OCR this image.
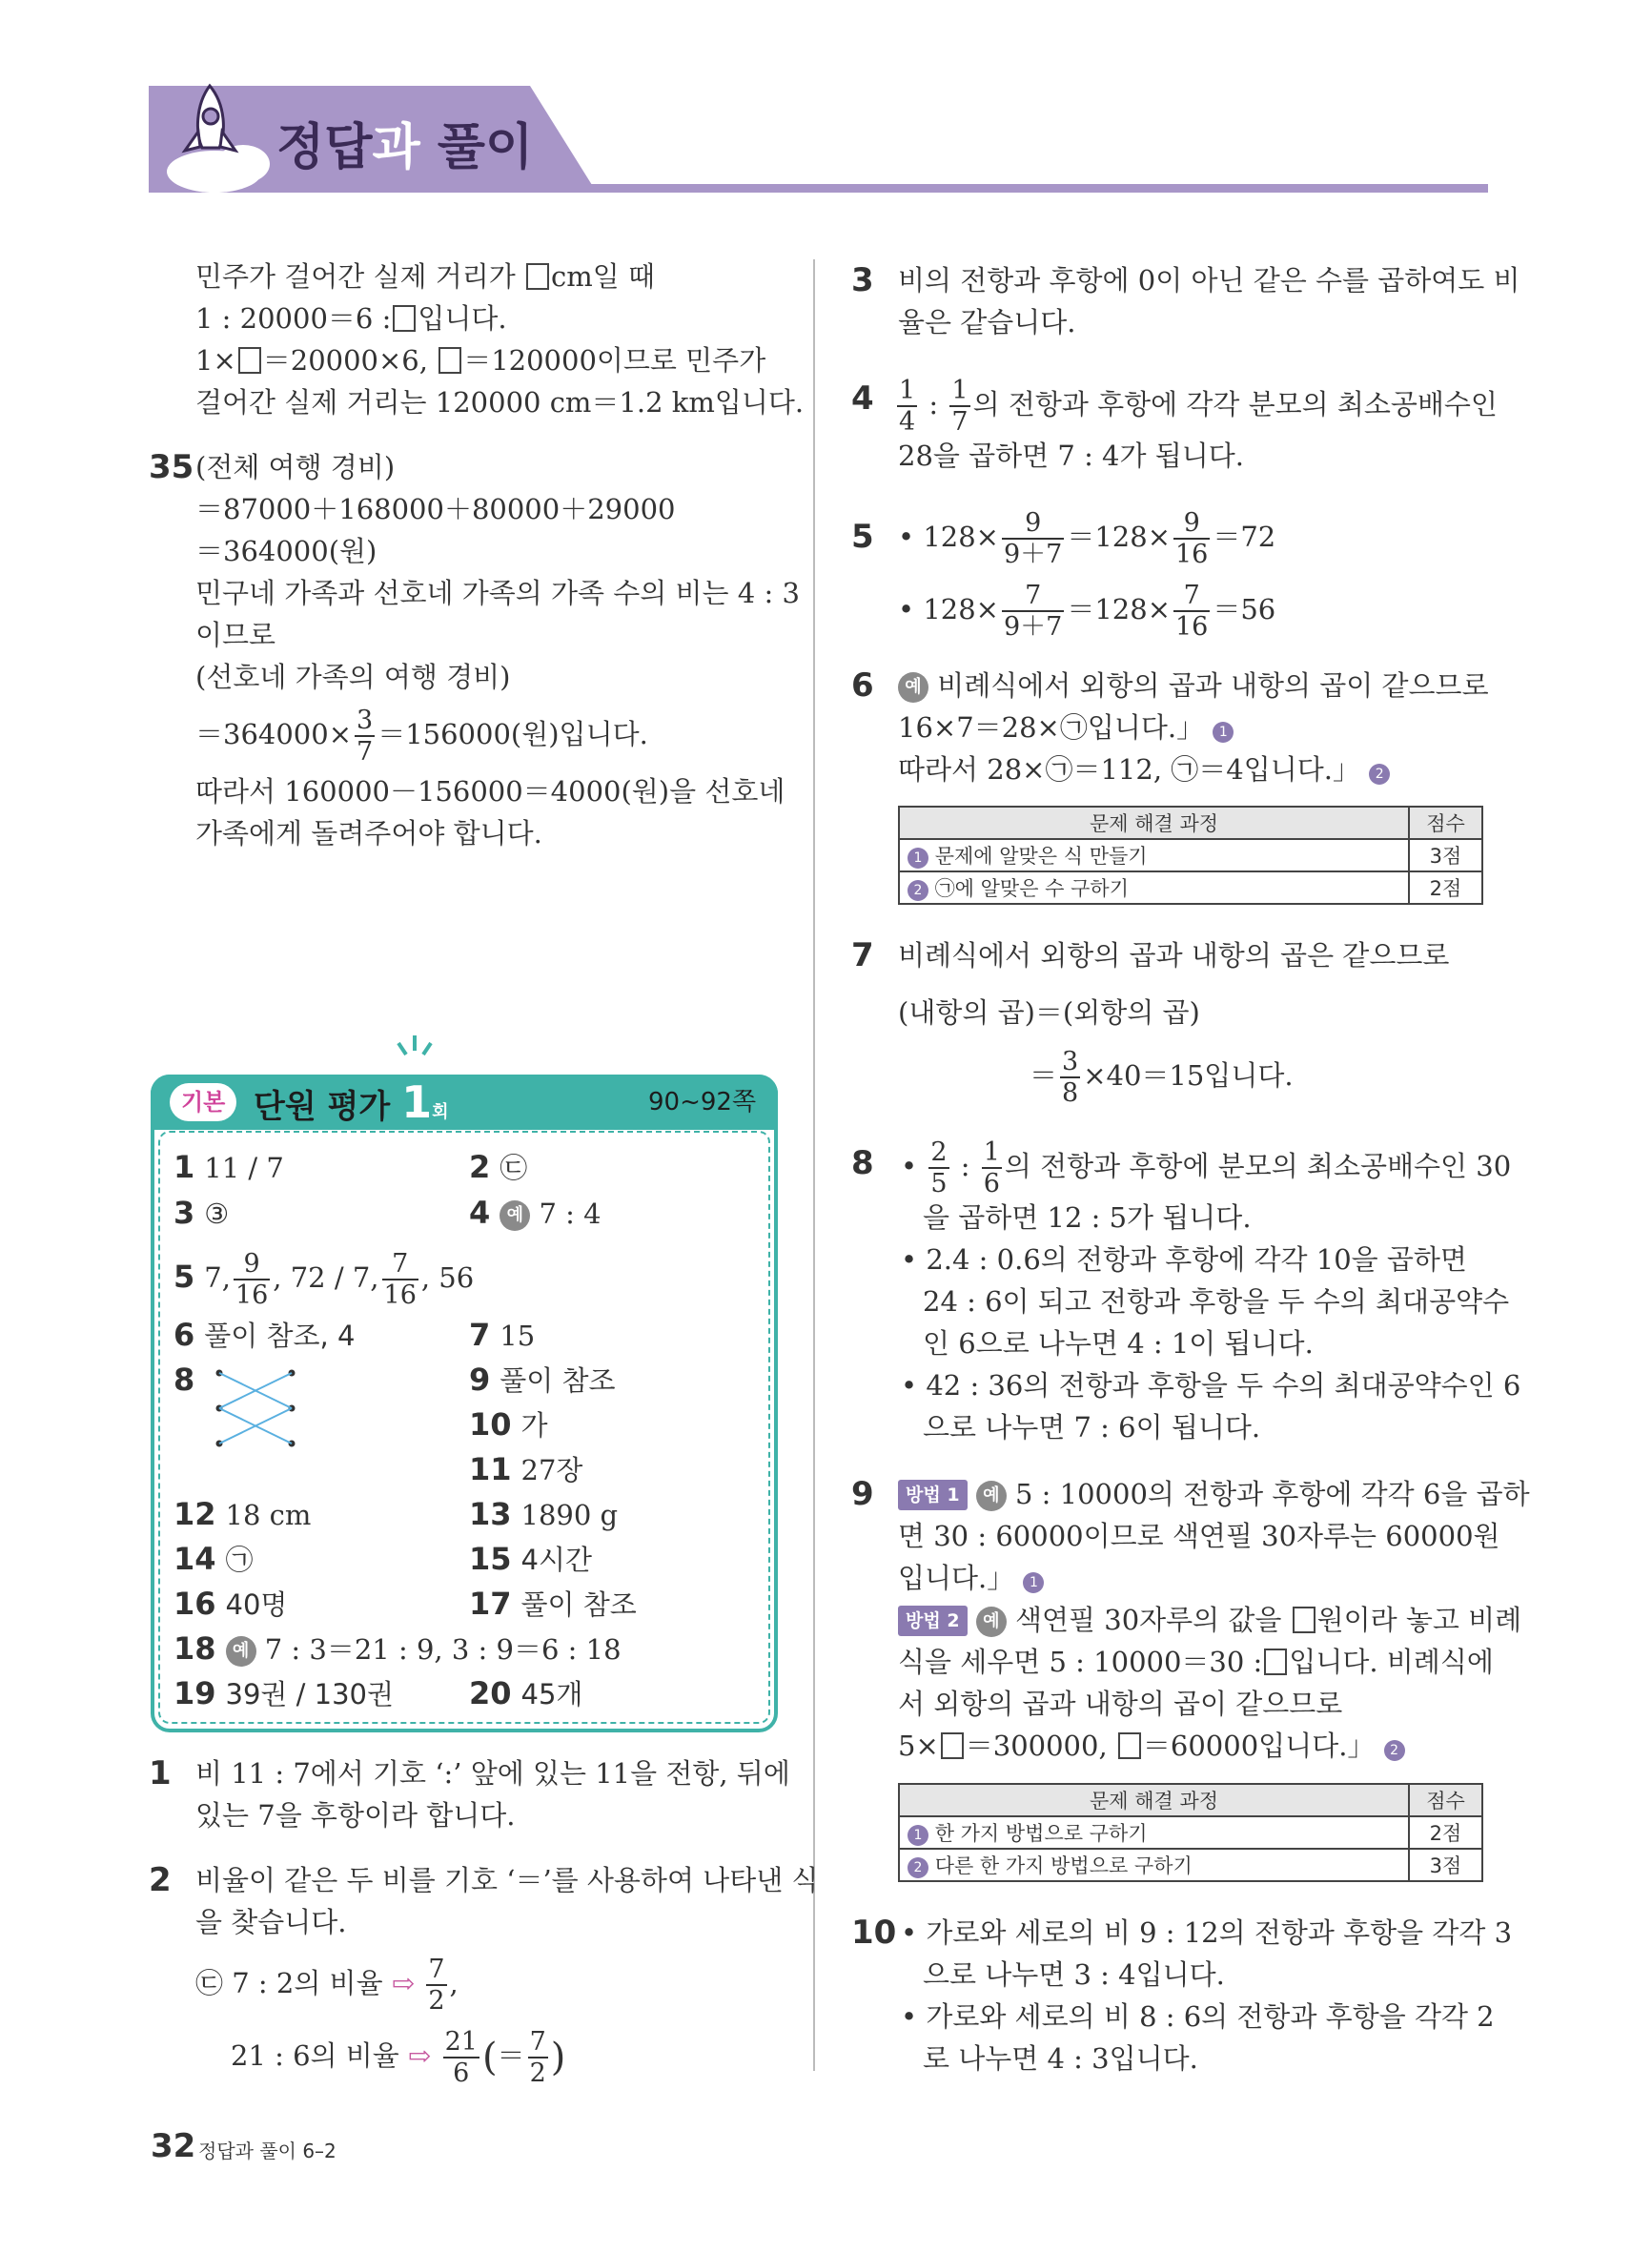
정답과 풀이
민주가 걸어간 실제 거리가 cm일 때
1 : 20000＝6 : 입니다.
1× ＝20000×6, ＝120000이므로 민주가
걸어간 실제 거리는 120000 cm＝1.2 km입니다.
35 (전체 여행 경비)
＝87000＋168000＋80000＋29000
＝364000(원)
민구네 가족과 선호네 가족의 가족 수의 비는 4 : 3
이므로
(선호네 가족의 여행 경비)
$=364000\times \frac{3}{7} =156000$(원)입니다.
따라서 160000－156000＝4000(원)을 선호네
가족에게 돌려주어야 합니다.
기본 단원 평가 1회	90~92쪽
1 11 / 7	2 ㉢
3 ③	4 예 7 : 4
5 7, $\frac{9}{16}$ , 72 / 7, $\frac{7}{16}$ , 56
6 풀이 참조, 4	7 15
8	9 풀이 참조
10 가
11 27장
12 18 cm	13 1890 g
14 ㉠	15 4시간
16 40명	17 풀이 참조
18 예 7 : 3＝21 : 9, 3 : 9＝6 : 18
19 39권 / 130권 20 45개
1 비 11 : 7에서 기호 ‘:’ 앞에 있는 11을 전항, 뒤에
있는 7을 후항이라 합니다.
2 비율이 같은 두 비를 기호 ‘＝’를 사용하여 나타낸 식
을 찾습니다.
㉢ 7 : 2의 비율 ⇨ $\frac{7}{2}$ ,
21 : 6의 비율 ⇨ $\frac{21}{6}$ (＝ $\frac{7}{2}$ )
3 비의 전항과 후항에 0이 아닌 같은 수를 곱하여도 비
율은 같습니다.
$4 \frac{1}{4}$ : $\frac{1}{7}$ 의 전항과 후항에 각각 분모의 최소공배수인
28을 곱하면 7 : 4가 됩니다.
5 • $128\times \frac{9}{9+7} =128\times \frac{9}{16} =72$
• $128\times \frac{7}{9+7} =128\times \frac{7}{16} =56$
6	예 비례식에서 외항의 곱과 내항의 곱이 같으므로
16×7＝28×㉠입니다.」 1
따라서 28×㉠＝112, ㉠＝4입니다.」 2
문제 해결 과정	점수
1 문제에 알맞은 식 만들기	3점
2 ㉠에 알맞은 수 구하기	2점
7 비례식에서 외항의 곱과 내항의 곱은 같으므로
(내항의 곱)＝(외항의 곱)
＝ $\frac{3}{8} \times 40=15$입니다.
8 • $\frac{2}{5}$ : $\frac{1}{6}$ 의 전항과 후항에 분모의 최소공배수인 30
을 곱하면 12 : 5가 됩니다.
• 2.4 : 0.6의 전항과 후항에 각각 10을 곱하면
24 : 6이 되고 전항과 후항을 두 수의 최대공약수
인 6으로 나누면 4 : 1이 됩니다.
• 42 : 36의 전항과 후항을 두 수의 최대공약수인 6
으로 나누면 7 : 6이 됩니다.
9	방법 1 예 5 : 10000의 전항과 후항에 각각 6을 곱하
면 30 : 60000이므로 색연필 30자루는 60000원
입니다.」 1
방법 2 예 색연필 30자루의 값을 원이라 놓고 비례
식을 세우면 5 : 10000＝30 : 입니다. 비례식에
서 외항의 곱과 내항의 곱이 같으므로
5× ＝300000, ＝60000입니다.」 2
문제 해결 과정	점수
1 한 가지 방법으로 구하기	2점
2 다른 한 가지 방법으로 구하기	3점
10 • 가로와 세로의 비 9 : 12의 전항과 후항을 각각 3
으로 나누면 3 : 4입니다.
• 가로와 세로의 비 8 : 6의 전항과 후항을 각각 2
로 나누면 4 : 3입니다.
32 정답과 풀이 6–2
